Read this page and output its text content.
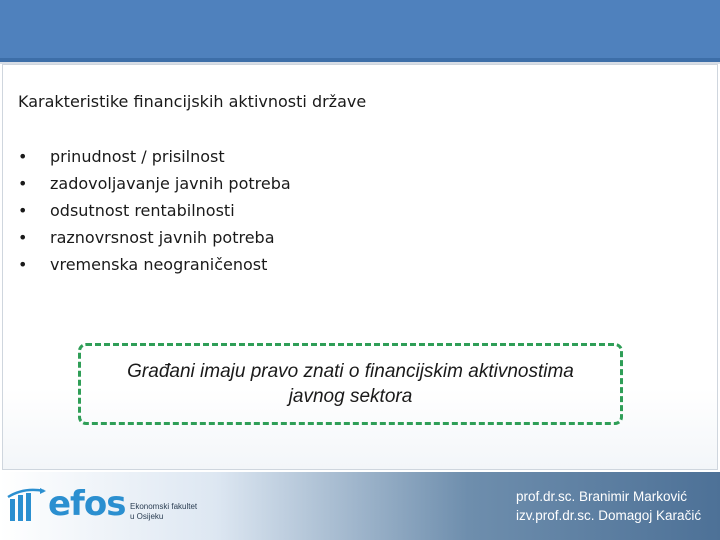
Karakteristike financijskih aktivnosti države
• prinudnost / prisilnost
• zadovoljavanje javnih potreba
• odsutnost rentabilnosti
• raznovrsnost javnih potreba
• vremenska neograničenost
Građani imaju pravo znati o financijskim aktivnostima
javnog sektora
efos Ekonomski fakultet
u Osijeku
prof.dr.sc. Branimir Marković
izv.prof.dr.sc. Domagoj Karačić
